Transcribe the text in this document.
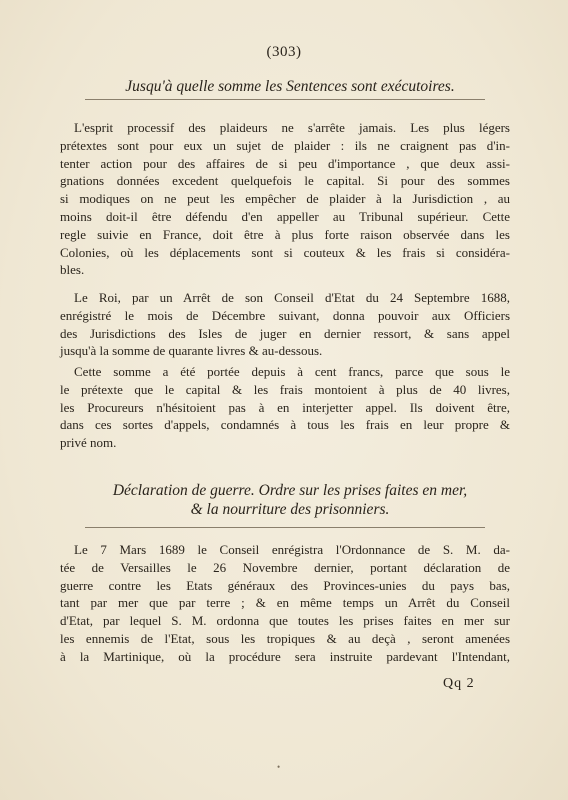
(303)
Jusqu'à quelle somme les Sentences sont exécutoires.
L'esprit processif des plaideurs ne s'arrête jamais. Les plus légers
prétextes sont pour eux un sujet de plaider : ils ne craignent pas d'in-
tenter action pour des affaires de si peu d'importance , que deux assi-
gnations données excedent quelquefois le capital. Si pour des sommes
si modiques on ne peut les empêcher de plaider à la Jurisdiction , au
moins doit-il être défendu d'en appeller au Tribunal supérieur. Cette
regle suivie en France, doit être à plus forte raison observée dans les
Colonies, où les déplacements sont si couteux & les frais si considéra-
bles.
Le Roi, par un Arrêt de son Conseil d'Etat du 24 Septembre 1688,
enrégistré le mois de Décembre suivant, donna pouvoir aux Officiers
des Jurisdictions des Isles de juger en dernier ressort, & sans appel
jusqu'à la somme de quarante livres & au-dessous.
Cette somme a été portée depuis à cent francs, parce que sous le
le prétexte que le capital & les frais montoient à plus de 40 livres,
les Procureurs n'hésitoient pas à en interjetter appel. Ils doivent être,
dans ces sortes d'appels, condamnés à tous les frais en leur propre &
privé nom.
Déclaration de guerre. Ordre sur les prises faites en mer,
& la nourriture des prisonniers.
Le 7 Mars 1689 le Conseil enrégistra l'Ordonnance de S. M. da-
tée de Versailles le 26 Novembre dernier, portant déclaration de
guerre contre les Etats généraux des Provinces-unies du pays bas,
tant par mer que par terre ; & en même temps un Arrêt du Conseil
d'Etat, par lequel S. M. ordonna que toutes les prises faites en mer sur
les ennemis de l'Etat, sous les tropiques & au deçà , seront amenées
à la Martinique, où la procédure sera instruite pardevant l'Intendant,
Qq 2
•
